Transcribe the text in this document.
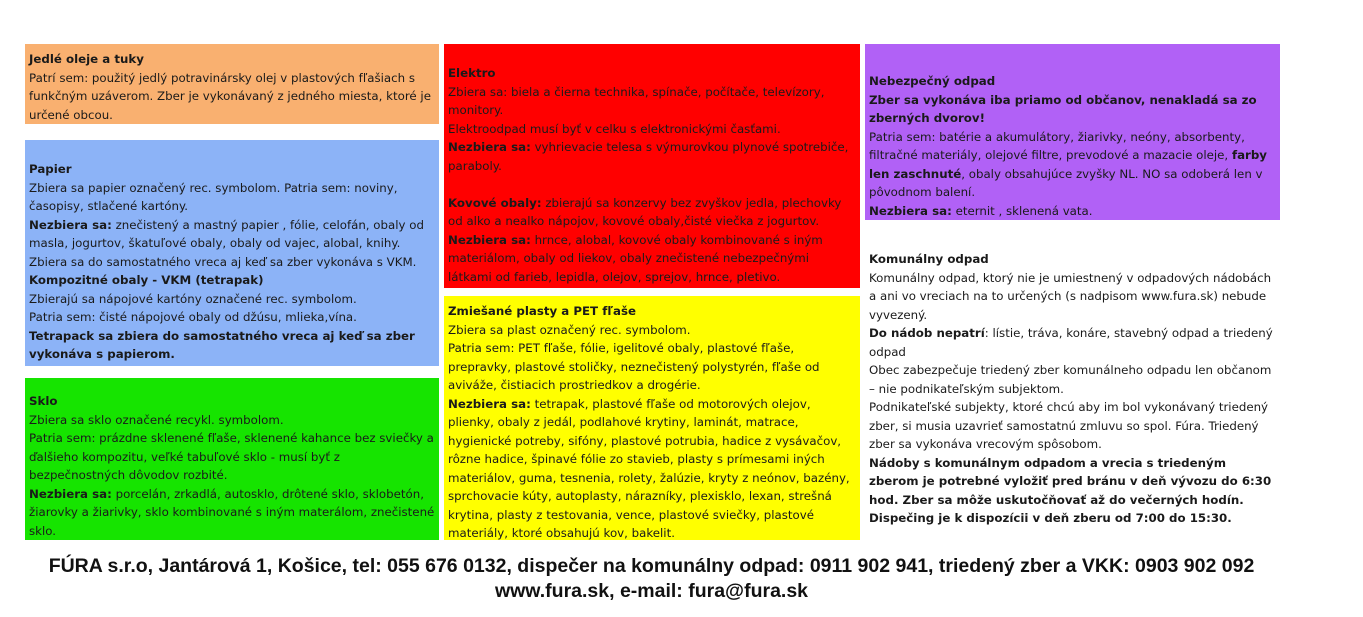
Jedlé oleje a tuky

Patrí sem: použitý jedlý potravinársky olej v plastových fľašiach s funkčným uzáverom. Zber je vykonávaný z jedného miesta, ktoré je určené obcou.

Papier

Zbiera sa papier označený rec. symbolom. Patria sem: noviny, časopisy, stlačené kartóny.

Nezbiera sa: znečistený a mastný papier , fólie, celofán, obaly od masla, jogurtov, škatuľové obaly, obaly od vajec, alobal, knihy.

Zbiera sa do samostatného vreca aj keď sa zber vykonáva s VKM.

Kompozitné obaly - VKM (tetrapak)

Zbierajú sa nápojové kartóny označené rec. symbolom.

Patria sem: čisté nápojové obaly od džúsu, mlieka,vína.

Tetrapack sa zbiera do samostatného vreca aj keď sa zber vykonáva s papierom.

Sklo

Zbiera sa sklo označené recykl. symbolom.

Patria sem: prázdne sklenené fľaše, sklenené kahance bez sviečky a ďalšieho kompozitu, veľké tabuľové sklo - musí byť z bezpečnostných dôvodov rozbité.

Nezbiera sa: porcelán, zrkadlá, autosklo, drôtené sklo, sklobetón, žiarovky a žiarivky, sklo kombinované s iným materálom, znečistené sklo.

Elektro

Zbiera sa: biela a čierna technika, spínače, počítače, televízory, monitory.

Elektroodpad musí byť v celku s elektronickými časťami.

Nezbiera sa: vyhrievacie telesa s výmurovkou plynové spotrebiče, paraboly.

Kovové obaly: zbierajú sa konzervy bez zvyškov jedla, plechovky od alko a nealko nápojov, kovové obaly,čisté viečka z jogurtov.

Nezbiera sa: hrnce, alobal, kovové obaly kombinované s iným materiálom, obaly od liekov, obaly znečistené nebezpečnými látkami od farieb, lepidla, olejov, sprejov, hrnce, pletivo.

Zmiešané plasty a PET fľaše

Zbiera sa plast označený rec. symbolom.

Patria sem: PET fľaše, fólie, igelitové obaly, plastové fľaše, prepravky, plastové stoličky, neznečistený polystyrén, fľaše od aviváže, čistiacich prostriedkov a drogérie.

Nezbiera sa: tetrapak, plastové fľaše od motorových olejov, plienky, obaly z jedál, podlahové krytiny, laminát, matrace, hygienické potreby, sifóny, plastové potrubia, hadice z vysávačov, rôzne hadice, špinavé fólie zo stavieb, plasty s prímesami iných materiálov, guma, tesnenia, rolety, žalúzie, kryty z neónov, bazény, sprchovacie kúty, autoplasty, nárazníky, plexisklo, lexan, strešná krytina, plasty z testovania, vence, plastové sviečky, plastové materiály, ktoré obsahujú kov, bakelit.

Nebezpečný odpad

Zber sa vykonáva iba priamo od občanov, nenakladá sa zo zberných dvorov!

Patria sem: batérie a akumulátory, žiarivky, neóny, absorbenty, filtračné materiály, olejové filtre, prevodové a mazacie oleje, farby len zaschnuté, obaly obsahujúce zvyšky NL. NO sa odoberá len v pôvodnom balení.

Nezbiera sa: eternit , sklenená vata.

Komunálny odpad

Komunálny odpad, ktorý nie je umiestnený v odpadových nádobách a ani vo vreciach na to určených (s nadpisom www.fura.sk) nebude vyvezený.

Do nádob nepatrí: lístie, tráva, konáre, stavebný odpad a triedený odpad

Obec zabezpečuje triedený zber komunálneho odpadu len občanom – nie podnikateľským subjektom.

Podnikateľské subjekty, ktoré chcú aby im bol vykonávaný triedený zber, si musia uzavrieť samostatnú zmluvu so spol. Fúra. Triedený zber sa vykonáva vrecovým spôsobom.

Nádoby s komunálnym odpadom a vrecia s triedeným zberom je potrebné vyložiť pred bránu v deň vývozu do 6:30 hod. Zber sa môže uskutočňovať až do večerných hodín.

Dispečing je k dispozícii v deň zberu od 7:00 do 15:30.

FÚRA s.r.o, Jantárová 1, Košice, tel: 055 676 0132, dispečer na komunálny odpad: 0911 902 941, triedený zber a VKK: 0903 902 092
www.fura.sk, e-mail: fura@fura.sk
